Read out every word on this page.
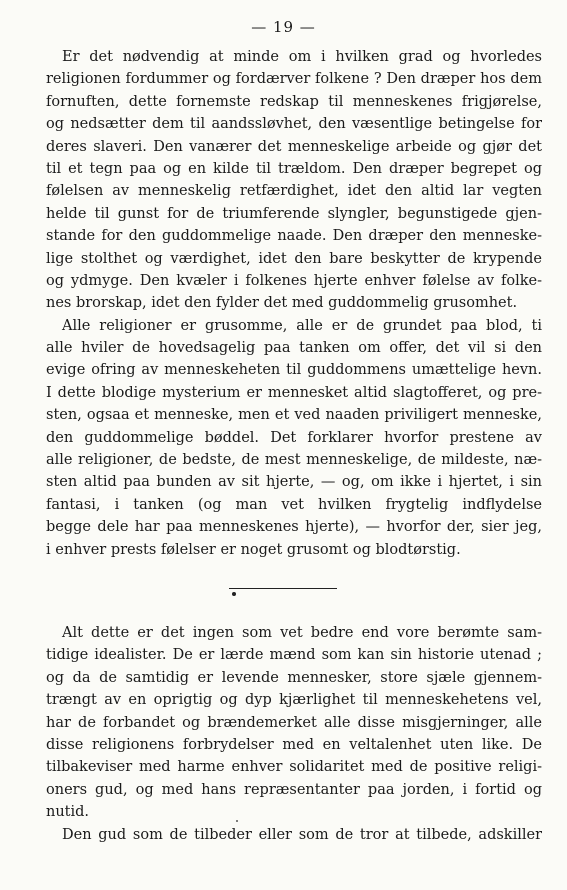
— 19 —
Er det nødvendig at minde om i hvilken grad og hvorledes
religionen fordummer og fordærver folkene ? Den dræper hos dem
fornuften, dette fornemste redskap til menneskenes frigjørelse,
og nedsætter dem til aandssløvhet, den væsentlige betingelse for
deres slaveri. Den vanærer det menneskelige arbeide og gjør det
til et tegn paa og en kilde til trældom. Den dræper begrepet og
følelsen av menneskelig retfærdighet, idet den altid lar vegten
helde til gunst for de triumferende slyngler, begunstigede gjen-
stande for den guddommelige naade. Den dræper den menneske-
lige stolthet og værdighet, idet den bare beskytter de krypende
og ydmyge. Den kvæler i folkenes hjerte enhver følelse av folke-
nes brorskap, idet den fylder det med guddommelig grusomhet.
Alle religioner er grusomme, alle er de grundet paa blod, ti
alle hviler de hovedsagelig paa tanken om offer, det vil si den
evige ofring av menneskeheten til guddommens umættelige hevn.
I dette blodige mysterium er mennesket altid slagtofferet, og pre-
sten, ogsaa et menneske, men et ved naaden priviligert menneske,
den guddommelige bøddel. Det forklarer hvorfor prestene av
alle religioner, de bedste, de mest menneskelige, de mildeste, næ-
sten altid paa bunden av sit hjerte, — og, om ikke i hjertet, i sin
fantasi, i tanken (og man vet hvilken frygtelig indflydelse
begge dele har paa menneskenes hjerte), — hvorfor der, sier jeg,
i enhver prests følelser er noget grusomt og blodtørstig.
Alt dette er det ingen som vet bedre end vore berømte sam-
tidige idealister. De er lærde mænd som kan sin historie utenad ;
og da de samtidig er levende mennesker, store sjæle gjennem-
trængt av en oprigtig og dyp kjærlighet til menneskehetens vel,
har de forbandet og brændemerket alle disse misgjerninger, alle
disse religionens forbrydelser med en veltalenhet uten like. De
tilbakeviser med harme enhver solidaritet med de positive religi-
oners gud, og med hans repræsentanter paa jorden, i fortid og
nutid.
Den gud som de tilbeder eller som de tror at tilbede, adskiller
